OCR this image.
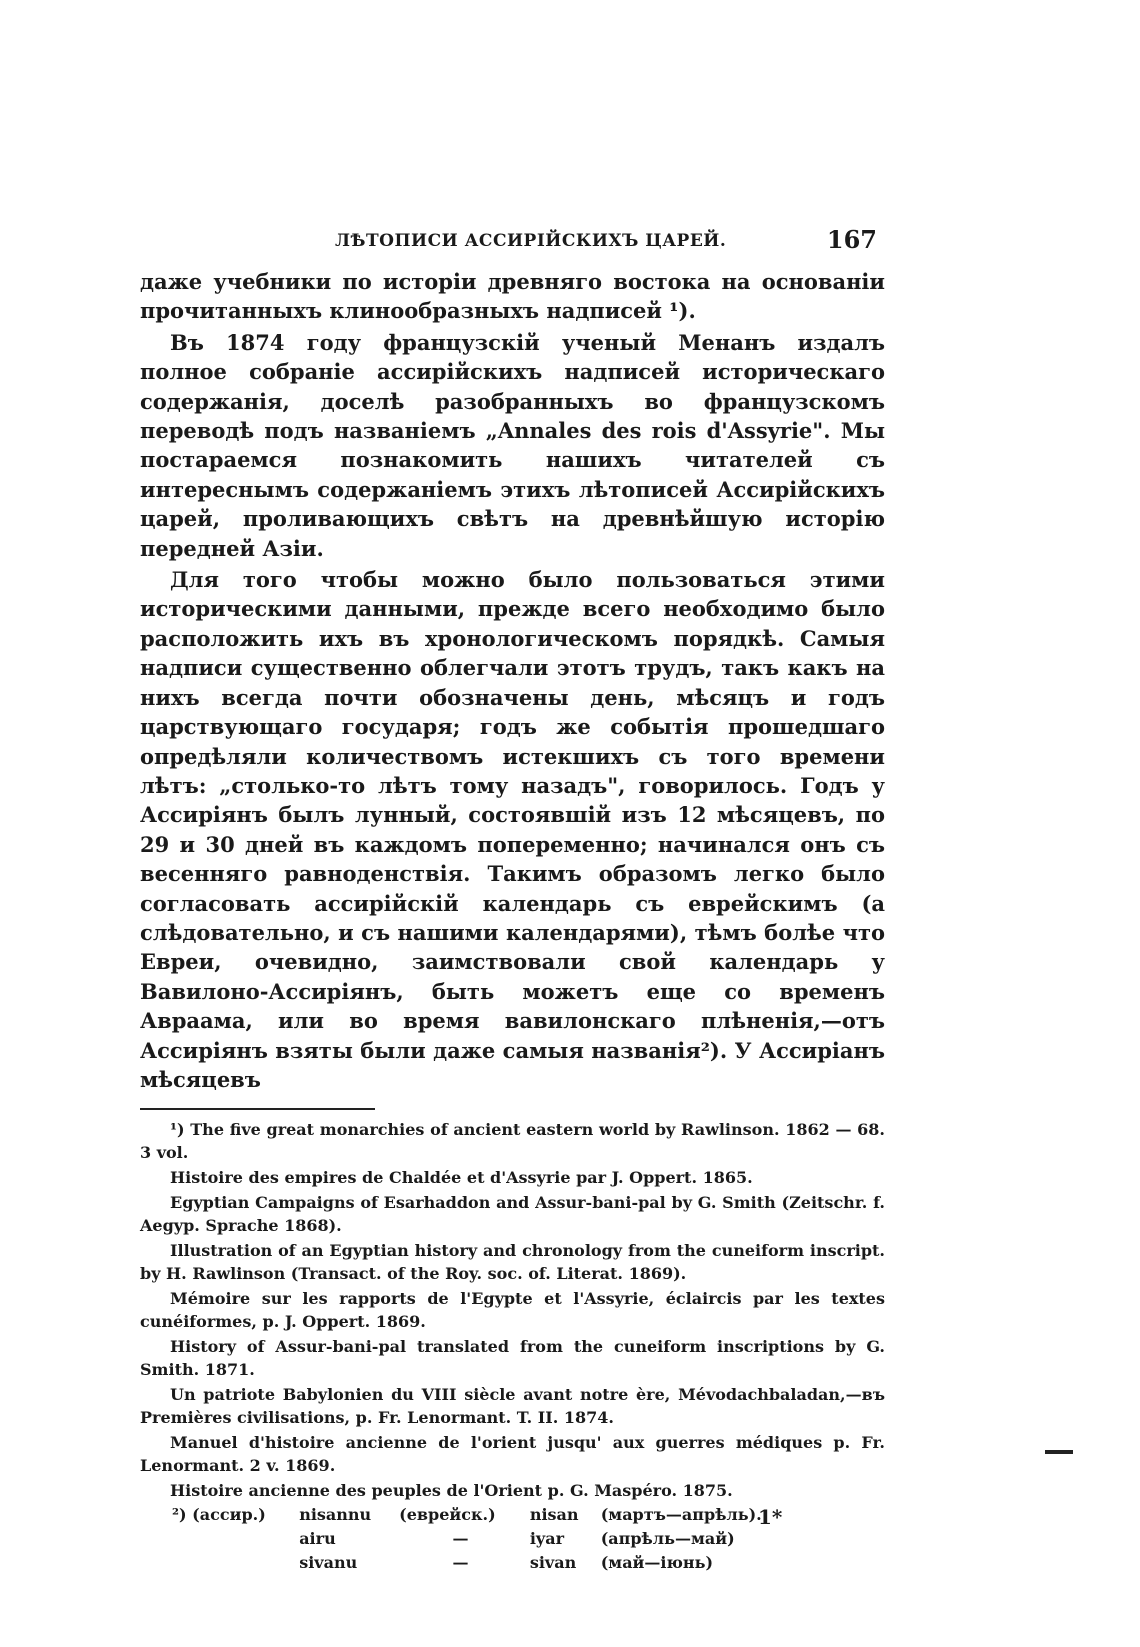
ЛѢТОПИСИ АССИРІЙСКИХЪ ЦАРЕЙ.	167

даже учебники по исторіи древняго востока на основаніи прочитанныхъ клинообразныхъ надписей ¹).

Въ 1874 году французскій ученый Менанъ издалъ полное собраніе ассирійскихъ надписей историческаго содержанія, доселѣ разобранныхъ во французскомъ переводѣ подъ названіемъ „Annales des rois d'Assyrie". Мы постараемся познакомить нашихъ читателей съ интереснымъ содержаніемъ этихъ лѣтописей Ассирійскихъ царей, проливающихъ свѣтъ на древнѣйшую исторію передней Азіи.

Для того чтобы можно было пользоваться этими историческими данными, прежде всего необходимо было расположить ихъ въ хронологическомъ порядкѣ. Самыя надписи существенно облегчали этотъ трудъ, такъ какъ на нихъ всегда почти обозначены день, мѣсяцъ и годъ царствующаго государя; годъ же событія прошедшаго опредѣляли количествомъ истекшихъ съ того времени лѣтъ: „столько-то лѣтъ тому назадъ", говорилось. Годъ у Ассиріянъ былъ лунный, состоявшій изъ 12 мѣсяцевъ, по 29 и 30 дней въ каждомъ попеременно; начинался онъ съ весенняго равноденствія. Такимъ образомъ легко было согласовать ассирійскій календарь съ еврейскимъ (а слѣдовательно, и съ нашими календарями), тѣмъ болѣе что Евреи, очевидно, заимствовали свой календарь у Вавилоно-Ассиріянъ, быть можетъ еще со временъ Авраама, или во время вавилонскаго плѣненія,—отъ Ассиріянъ взяты были даже самыя названія²). У Ассиріанъ мѣсяцевъ

¹) The five great monarchies of ancient eastern world by Rawlinson. 1862 — 68. 3 vol.

Histoire des empires de Chaldée et d'Assyrie par J. Oppert. 1865.

Egyptian Campaigns of Esarhaddon and Assur-bani-pal by G. Smith (Zeitschr. f. Aegyp. Sprache 1868).

Illustration of an Egyptian history and chronology from the cuneiform inscript. by H. Rawlinson (Transact. of the Roy. soc. of. Literat. 1869).

Mémoire sur les rapports de l'Egypte et l'Assyrie, éclaircis par les textes cunéiformes, p. J. Oppert. 1869.

History of Assur-bani-pal translated from the cuneiform inscriptions by G. Smith. 1871.

Un patriote Babylonien du VIII siècle avant notre ère, Mévodachbaladan,—въ Premières civilisations, p. Fr. Lenormant. T. II. 1874.

Manuel d'histoire ancienne de l'orient jusqu' aux guerres médiques p. Fr. Lenormant. 2 v. 1869.

Histoire ancienne des peuples de l'Orient p. G. Maspéro. 1875.

²) (ассир.)	nisannu	(еврейск.)	nisan	(мартъ—апрѣль).
	airu	—	iyar	(апрѣль—май)
	sivanu	—	sivan	(май—іюнь)
1*
